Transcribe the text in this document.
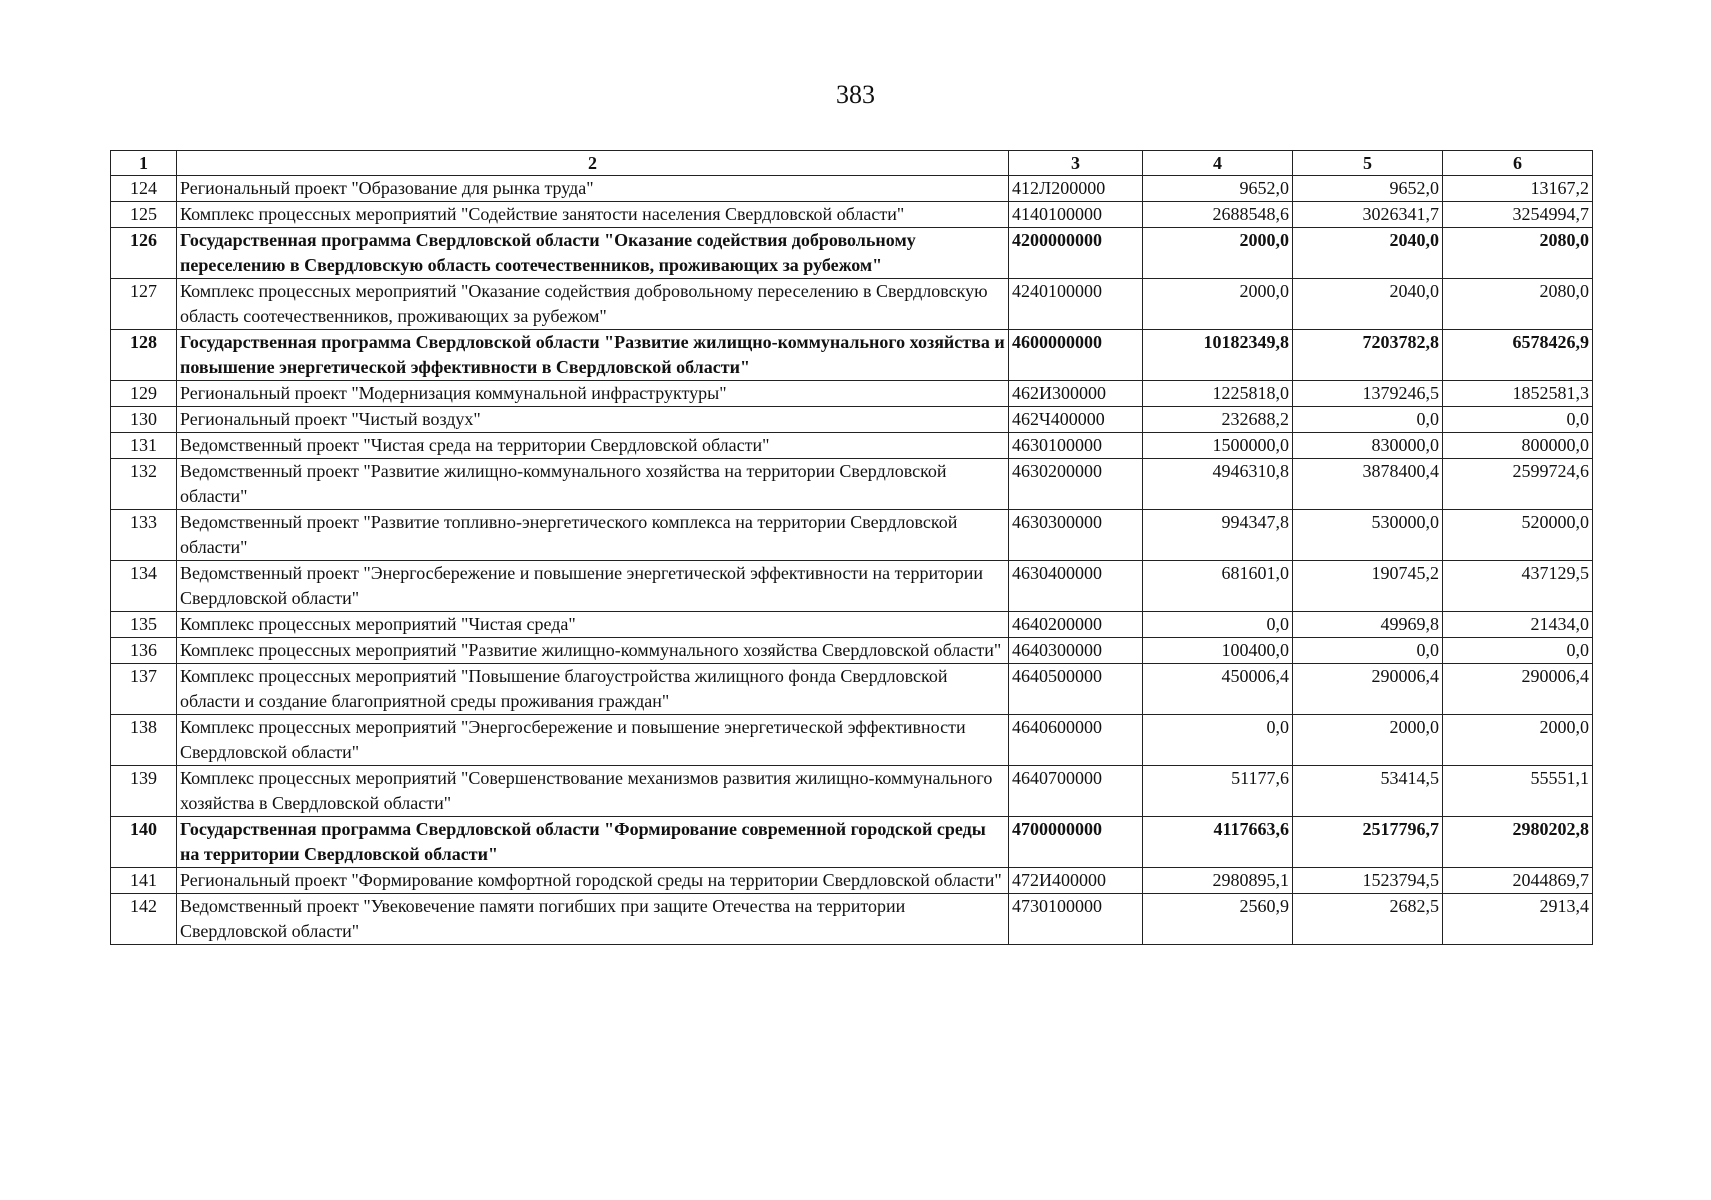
383
1	2	3	4	5	6
124	Региональный проект "Образование для рынка труда"	412Л200000	9652,0	9652,0	13167,2
125	Комплекс процессных мероприятий "Содействие занятости населения Свердловской области"	4140100000	2688548,6	3026341,7	3254994,7
126	Государственная программа Свердловской области "Оказание содействия добровольному переселению в Свердловскую область соотечественников, проживающих за рубежом"	4200000000	2000,0	2040,0	2080,0
127	Комплекс процессных мероприятий "Оказание содействия добровольному переселению в Свердловскую область соотечественников, проживающих за рубежом"	4240100000	2000,0	2040,0	2080,0
128	Государственная программа Свердловской области "Развитие жилищно-коммунального хозяйства и повышение энергетической эффективности в Свердловской области"	4600000000	10182349,8	7203782,8	6578426,9
129	Региональный проект "Модернизация коммунальной инфраструктуры"	462И300000	1225818,0	1379246,5	1852581,3
130	Региональный проект "Чистый воздух"	462Ч400000	232688,2	0,0	0,0
131	Ведомственный проект "Чистая среда на территории Свердловской области"	4630100000	1500000,0	830000,0	800000,0
132	Ведомственный проект "Развитие жилищно-коммунального хозяйства на территории Свердловской области"	4630200000	4946310,8	3878400,4	2599724,6
133	Ведомственный проект "Развитие топливно-энергетического комплекса на территории Свердловской области"	4630300000	994347,8	530000,0	520000,0
134	Ведомственный проект "Энергосбережение и повышение энергетической эффективности на территории Свердловской области"	4630400000	681601,0	190745,2	437129,5
135	Комплекс процессных мероприятий "Чистая среда"	4640200000	0,0	49969,8	21434,0
136	Комплекс процессных мероприятий "Развитие жилищно-коммунального хозяйства Свердловской области"	4640300000	100400,0	0,0	0,0
137	Комплекс процессных мероприятий "Повышение благоустройства жилищного фонда Свердловской области и создание благоприятной среды проживания граждан"	4640500000	450006,4	290006,4	290006,4
138	Комплекс процессных мероприятий "Энергосбережение и повышение энергетической эффективности Свердловской области"	4640600000	0,0	2000,0	2000,0
139	Комплекс процессных мероприятий "Совершенствование механизмов развития жилищно-коммунального хозяйства в Свердловской области"	4640700000	51177,6	53414,5	55551,1
140	Государственная программа Свердловской области "Формирование современной городской среды на территории Свердловской области"	4700000000	4117663,6	2517796,7	2980202,8
141	Региональный проект "Формирование комфортной городской среды на территории Свердловской области"	472И400000	2980895,1	1523794,5	2044869,7
142	Ведомственный проект "Увековечение памяти погибших при защите Отечества на территории Свердловской области"	4730100000	2560,9	2682,5	2913,4
